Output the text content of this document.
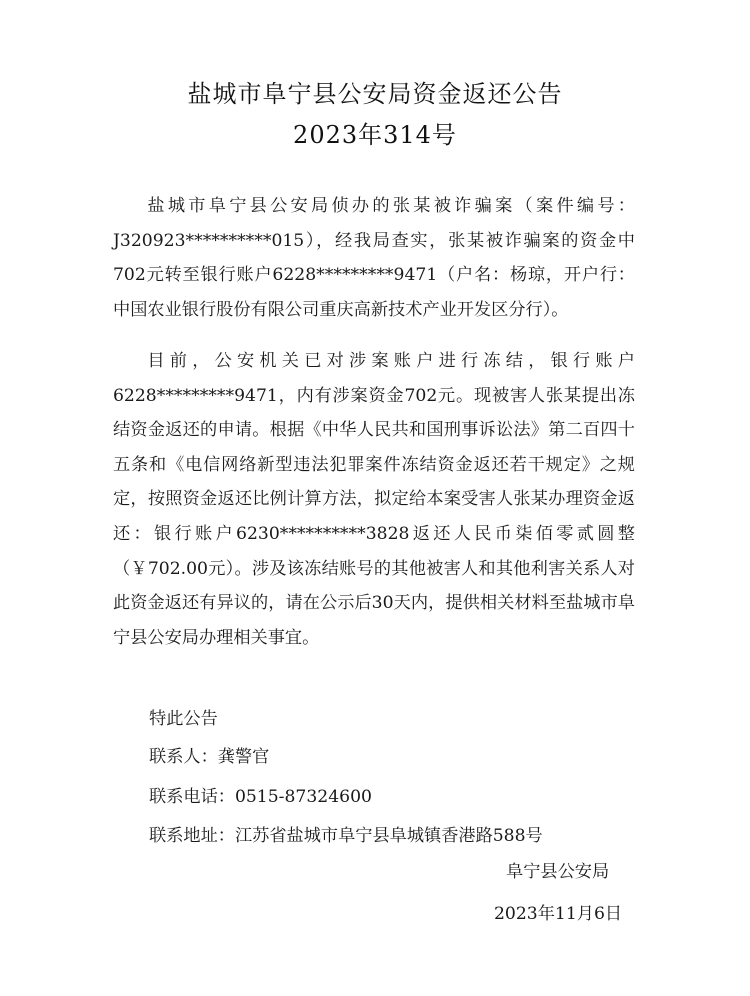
盐城市阜宁县公安局资金返还公告
2023年314号
盐城市阜宁县公安局侦办的张某被诈骗案（案件编号：J320923**********015），经我局查实，张某被诈骗案的资金中702元转至银行账户6228*********9471（户名：杨琼，开户行：中国农业银行股份有限公司重庆高新技术产业开发区分行）。
目前，公安机关已对涉案账户进行冻结，银行账户6228*********9471，内有涉案资金702元。现被害人张某提出冻结资金返还的申请。根据《中华人民共和国刑事诉讼法》第二百四十五条和《电信网络新型违法犯罪案件冻结资金返还若干规定》之规定，按照资金返还比例计算方法，拟定给本案受害人张某办理资金返还：银行账户6230**********3828返还人民币柒佰零贰圆整（￥702.00元）。涉及该冻结账号的其他被害人和其他利害关系人对此资金返还有异议的，请在公示后30天内，提供相关材料至盐城市阜宁县公安局办理相关事宜。
特此公告
联系人：龚警官
联系电话：0515-87324600
联系地址：江苏省盐城市阜宁县阜城镇香港路588号
阜宁县公安局
2023年11月6日
